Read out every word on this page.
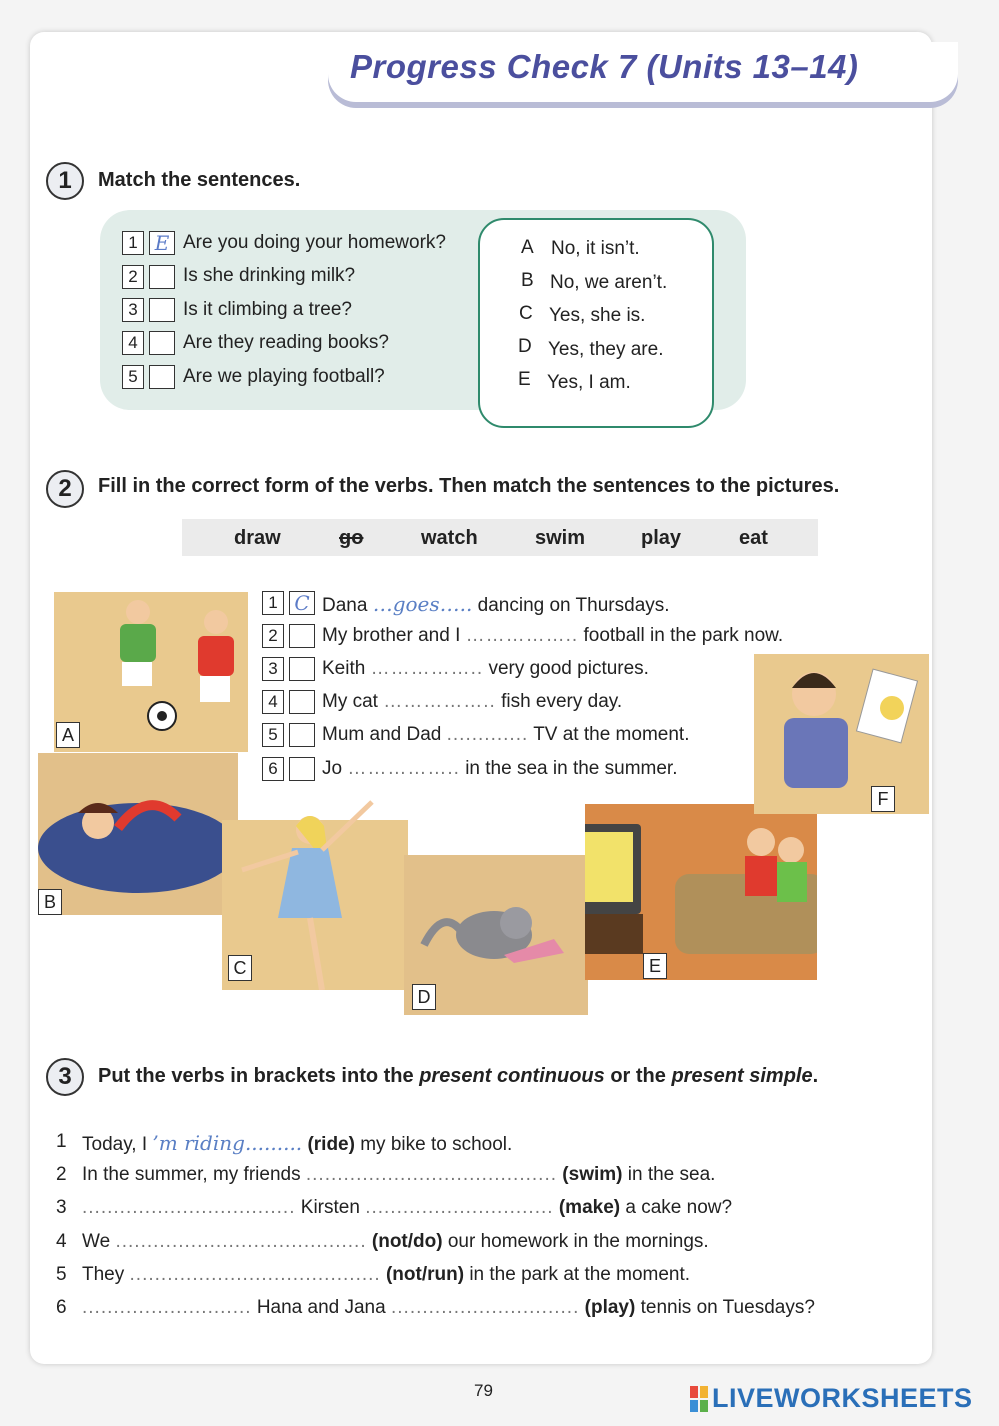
Progress Check 7 (Units 13–14)
1	Match the sentences.
1 E Are you doing your homework?
2	Is she drinking milk?
3	Is it climbing a tree?
4	Are they reading books?
5	Are we playing football?
A No, it isn’t.
B No, we aren’t.
C Yes, she is.
D Yes, they are.
E Yes, I am.
2	Fill in the correct form of the verbs. Then match the sentences to the pictures.
draw	go	watch	swim	play	eat
A
B
C
D
E
F
1 C Dana …goes….. dancing on Thursdays.
2	My brother and I …………….. football in the park now.
3	Keith …………….. very good pictures.
4	My cat …………….. fish every day.
5	Mum and Dad ............. TV at the moment.
6	Jo …………….. in the sea in the summer.
3	Put the verbs in brackets into the present continuous or the present simple.
1 Today, I ’m riding......... (ride) my bike to school.
2 In the summer, my friends ........................................ (swim) in the sea.
3 .................................. Kirsten .............................. (make) a cake now?
4 We ........................................ (not/do) our homework in the mornings.
5 They ........................................ (not/run) in the park at the moment.
6 ........................... Hana and Jana .............................. (play) tennis on Tuesdays?
79	LIVEWORKSHEETS
